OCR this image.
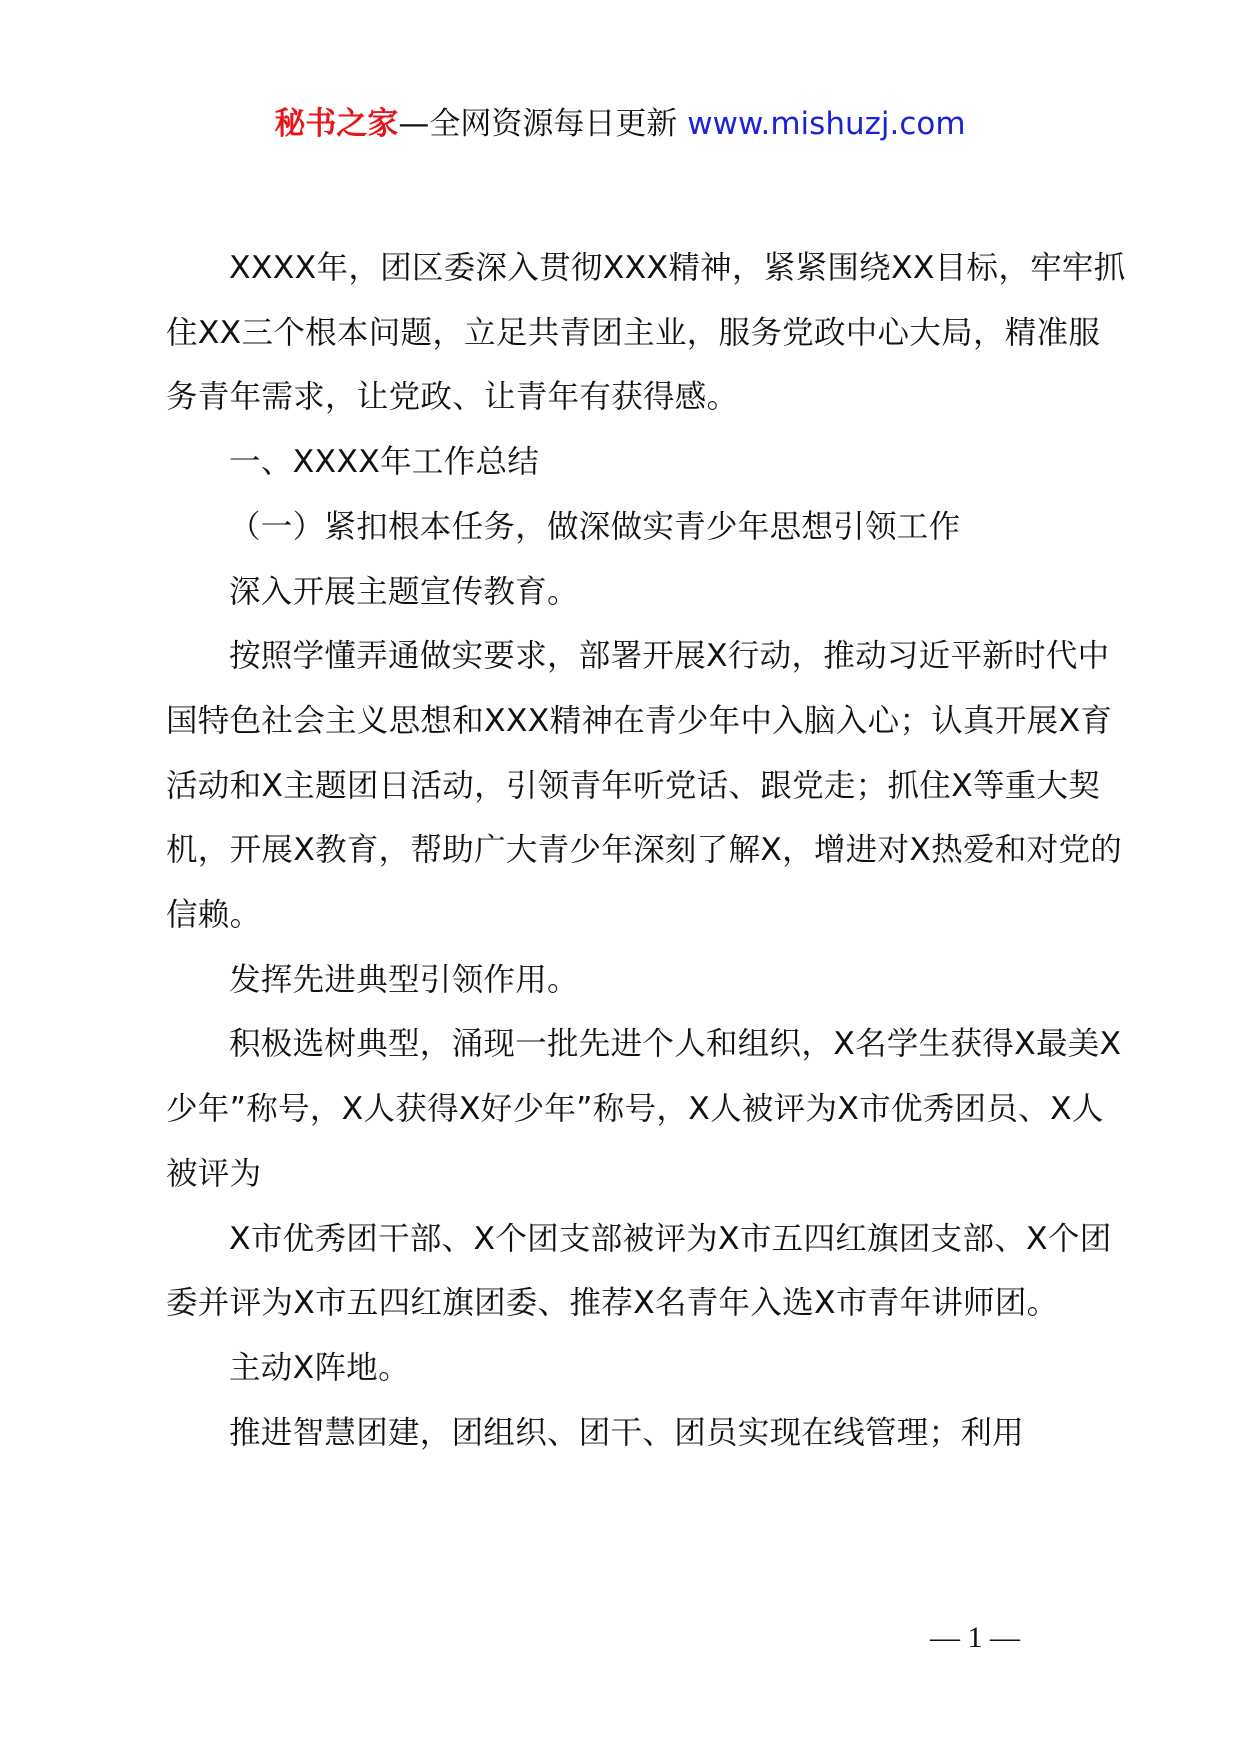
秘书之家—全网资源每日更新 www.mishuzj.com

XXXX年，团区委深入贯彻XXX精神，紧紧围绕XX目标，牢牢抓住XX三个根本问题，立足共青团主业，服务党政中心大局，精准服务青年需求，让党政、让青年有获得感。

一、XXXX年工作总结

（一）紧扣根本任务，做深做实青少年思想引领工作

深入开展主题宣传教育。

按照学懂弄通做实要求，部署开展X行动，推动习近平新时代中国特色社会主义思想和XXX精神在青少年中入脑入心；认真开展X育活动和X主题团日活动，引领青年听党话、跟党走；抓住X等重大契机，开展X教育，帮助广大青少年深刻了解X，增进对X热爱和对党的信赖。

发挥先进典型引领作用。

积极选树典型，涌现一批先进个人和组织，X名学生获得X最美X少年”称号，X人获得X好少年”称号，X人被评为X市优秀团员、X人被评为

X市优秀团干部、X个团支部被评为X市五四红旗团支部、X个团委并评为X市五四红旗团委、推荐X名青年入选X市青年讲师团。

主动X阵地。

推进智慧团建，团组织、团干、团员实现在线管理；利用

— 1 —
